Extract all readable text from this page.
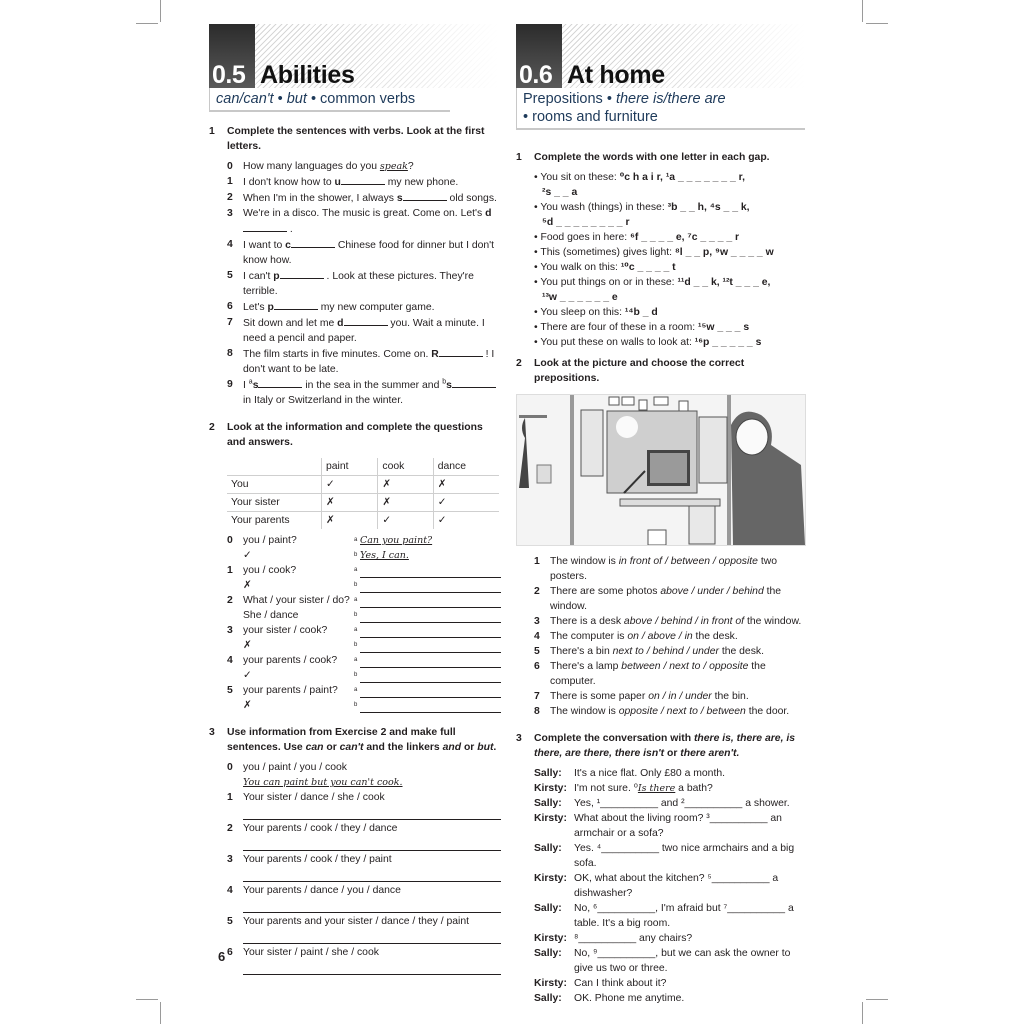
0.5 Abilities
can/can't • but • common verbs
1	Complete the sentences with verbs. Look at the first letters.
0 How many languages do you speak?
1 I don't know how to u	my new phone.
2 When I'm in the shower, I always s	old songs.
3 We're in a disco. The music is great. Come on. Let's d .
4 I want to c	Chinese food for dinner but I don't know how.
5 I can't p	. Look at these pictures. They're terrible.
6 Let's p	my new computer game.
7 Sit down and let me d	you. Wait a minute. I need a pencil and paper.
8 The film starts in five minutes. Come on. R	! I don't want to be late.
9 I $^a$s	in the sea in the summer and $^b$s in Italy or Switzerland in the winter.
2	Look at the information and complete the questions and answers.
	paint	cook	dance
You	✓	✗	✗
Your sister	✗	✗	✓
Your parents	✗	✓	✓
0 you / paint?	a Can you paint?
✓	b Yes, I can.
1 you / cook?	a
✗	b
2 What / your sister / do? a
She / dance	b
3 your sister / cook?	a
✗	b
4 your parents / cook?	a
✓	b
5 your parents / paint?	a
✗	b
3	Use information from Exercise 2 and make full sentences. Use can or can't and the linkers and or but.
0 you / paint / you / cook
You can paint but you can't cook.
1 Your sister / dance / she / cook
2 Your parents / cook / they / dance
3 Your parents / cook / they / paint
4 Your parents / dance / you / dance
5 Your parents and your sister / dance / they / paint
6 Your sister / paint / she / cook
6
0.6 At home
Prepositions • there is/there are
• rooms and furniture
1	Complete the words with one letter in each gap.
• You sit on these: ⁰c h a i r, ¹a _ _ _ _ _ _ _ r,
²s _ _ a
• You wash (things) in these: ³b _ _ h, ⁴s _ _ k,
⁵d _ _ _ _ _ _ _ _ r
• Food goes in here: ⁶f _ _ _ _ e, ⁷c _ _ _ _ r
• This (sometimes) gives light: ⁸l _ _ p, ⁹w _ _ _ _ w
• You walk on this: ¹⁰c _ _ _ _ t
• You put things on or in these: ¹¹d _ _ k, ¹²t _ _ _ e,
¹³w _ _ _ _ _ _ e
• You sleep on this: ¹⁴b _ d
• There are four of these in a room: ¹⁵w _ _ _ s
• You put these on walls to look at: ¹⁶p _ _ _ _ _ s
2	Look at the picture and choose the correct prepositions.
1 The window is in front of / between / opposite two posters.
2 There are some photos above / under / behind the window.
3 There is a desk above / behind / in front of the window.
4 The computer is on / above / in the desk.
5 There's a bin next to / behind / under the desk.
6 There's a lamp between / next to / opposite the computer.
7 There is some paper on / in / under the bin.
8 The window is opposite / next to / between the door.
3	Complete the conversation with there is, there are, is there, are there, there isn't or there aren't.
Sally:	It's a nice flat. Only £80 a month.
Kirsty: I'm not sure. ⁰Is there a bath?
Sally:	Yes, ¹__________ and ²__________ a shower.
Kirsty: What about the living room? ³__________ an armchair or a sofa?
Sally:	Yes. ⁴__________ two nice armchairs and a big sofa.
Kirsty: OK, what about the kitchen? ⁵__________ a dishwasher?
Sally:	No, ⁶__________, I'm afraid but ⁷__________ a table. It's a big room.
Kirsty: ⁸__________ any chairs?
Sally:	No, ⁹__________, but we can ask the owner to give us two or three.
Kirsty: Can I think about it?
Sally:	OK. Phone me anytime.
